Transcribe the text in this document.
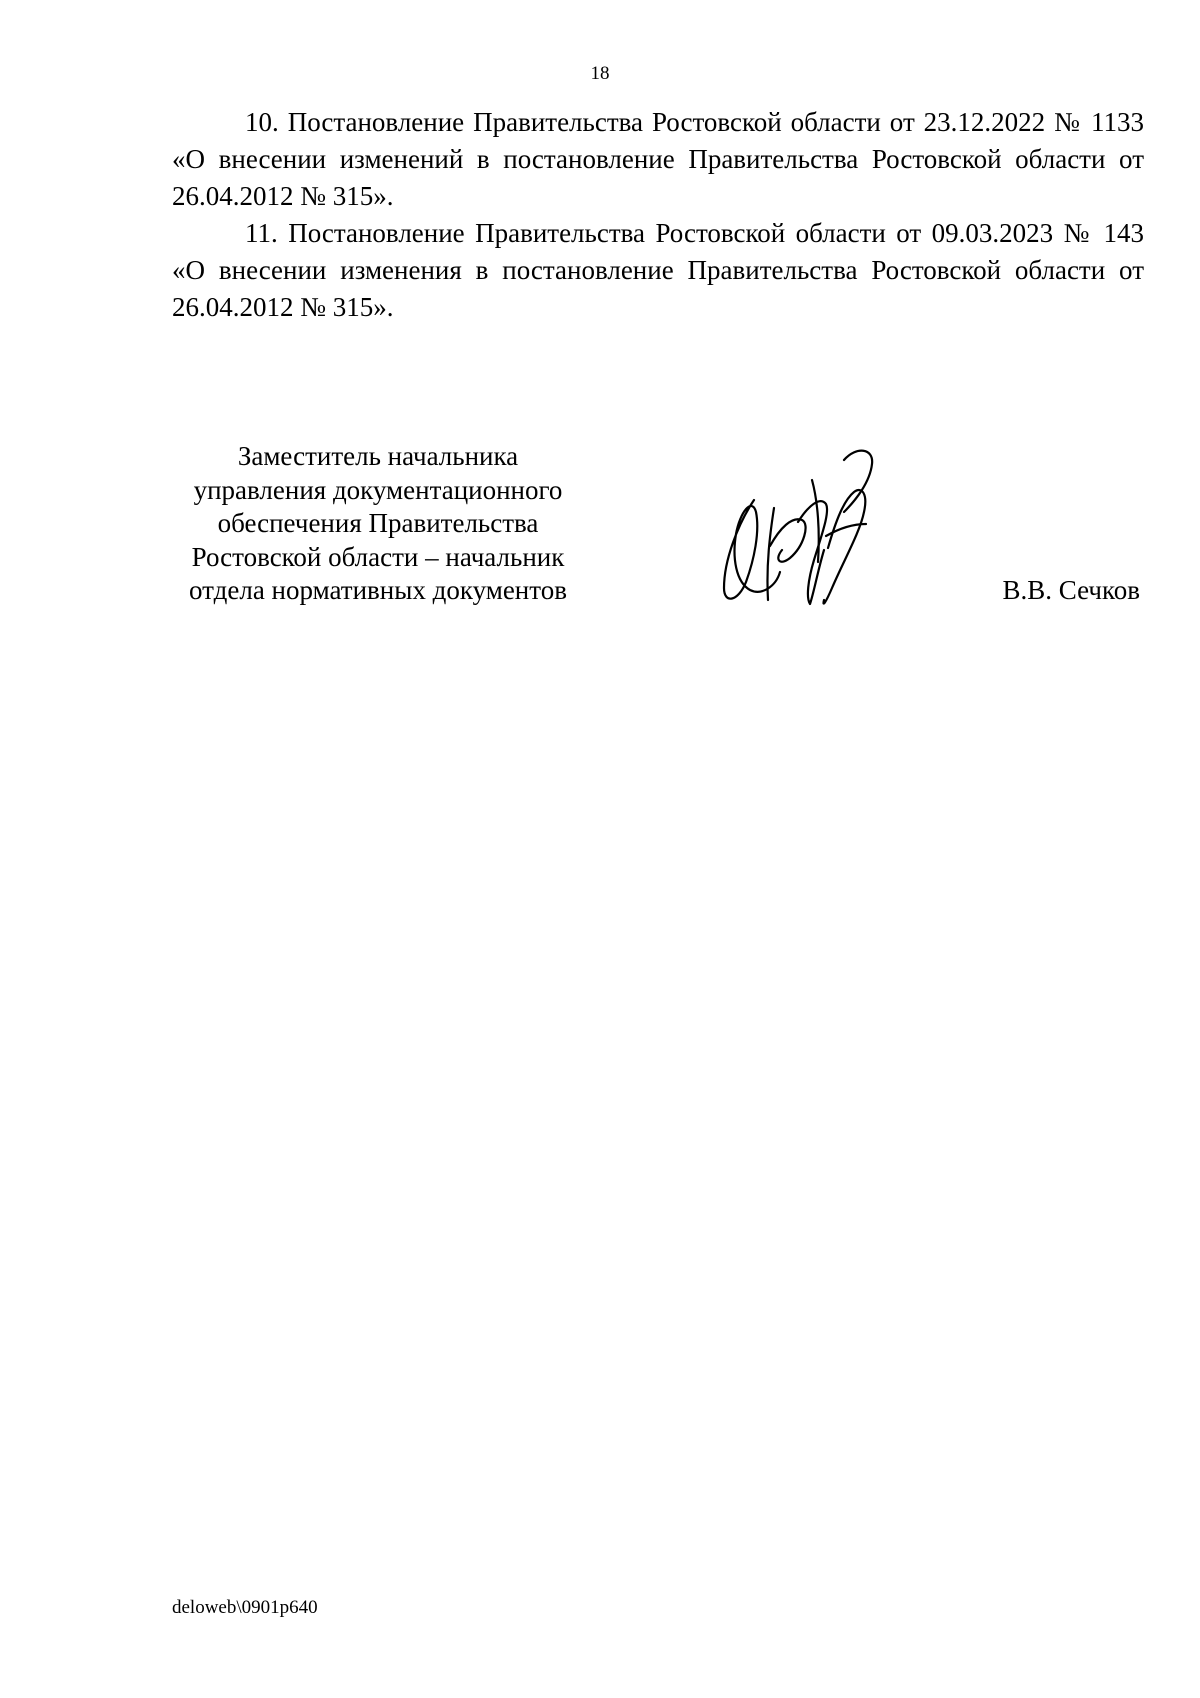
18

10. Постановление Правительства Ростовской области от 23.12.2022 № 1133 «О внесении изменений в постановление Правительства Ростовской области от 26.04.2012 № 315».

11. Постановление Правительства Ростовской области от 09.03.2023 № 143 «О внесении изменения в постановление Правительства Ростовской области от 26.04.2012 № 315».

Заместитель начальника
управления документационного
обеспечения Правительства
Ростовской области – начальник
отдела нормативных документов	В.В. Сечков
deloweb\0901p640
